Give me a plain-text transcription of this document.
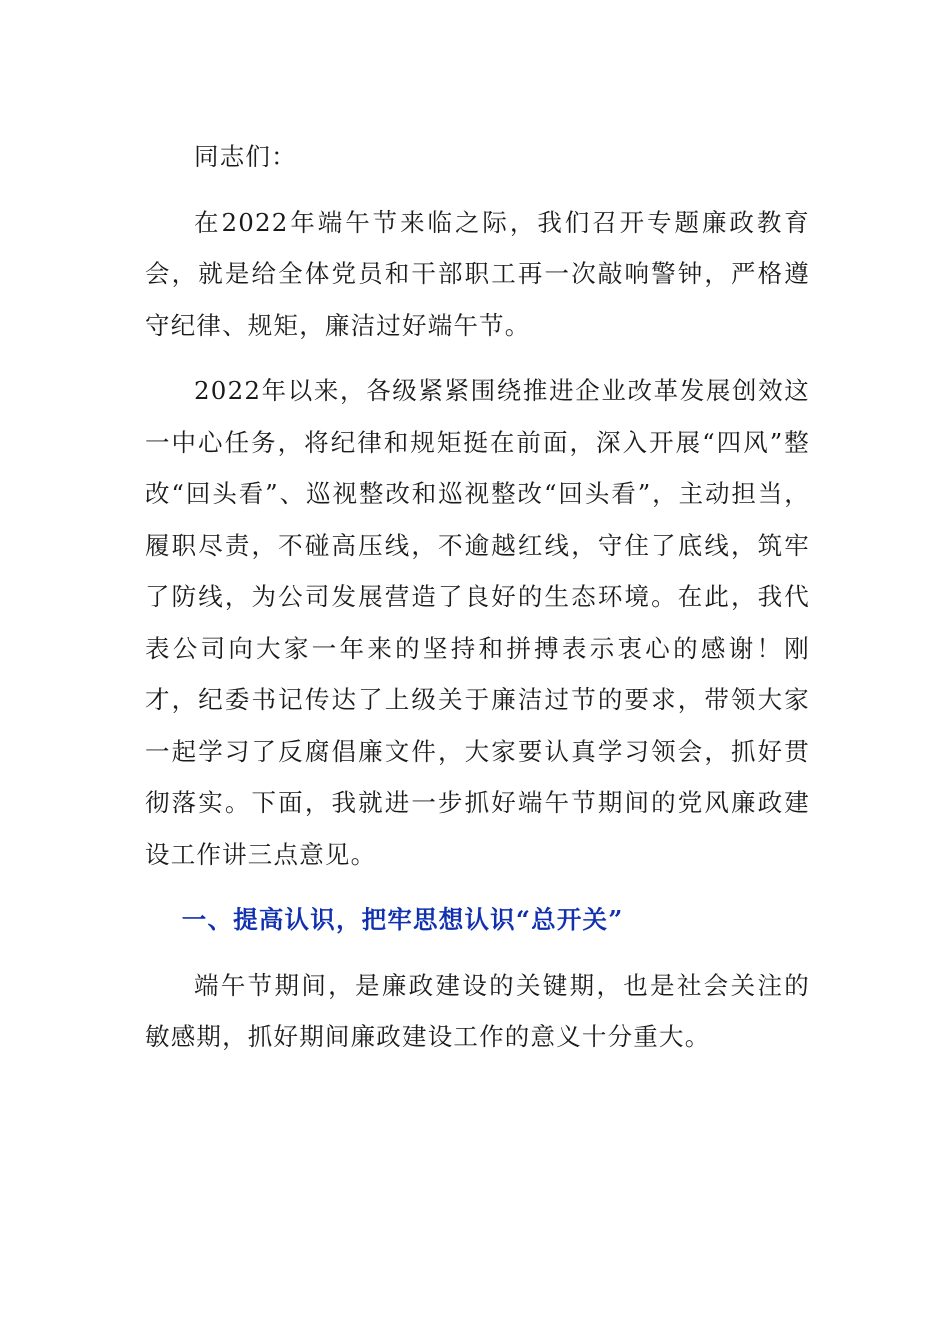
同志们：

在2022年端午节来临之际，我们召开专题廉政教育会，就是给全体党员和干部职工再一次敲响警钟，严格遵守纪律、规矩，廉洁过好端午节。

2022年以来，各级紧紧围绕推进企业改革发展创效这一中心任务，将纪律和规矩挺在前面，深入开展“四风”整改“回头看”、巡视整改和巡视整改“回头看”，主动担当，履职尽责，不碰高压线，不逾越红线，守住了底线，筑牢了防线，为公司发展营造了良好的生态环境。在此，我代表公司向大家一年来的坚持和拼搏表示衷心的感谢！刚才，纪委书记传达了上级关于廉洁过节的要求，带领大家一起学习了反腐倡廉文件，大家要认真学习领会，抓好贯彻落实。下面，我就进一步抓好端午节期间的党风廉政建设工作讲三点意见。

一、提高认识，把牢思想认识“总开关”

端午节期间，是廉政建设的关键期，也是社会关注的敏感期，抓好期间廉政建设工作的意义十分重大。
